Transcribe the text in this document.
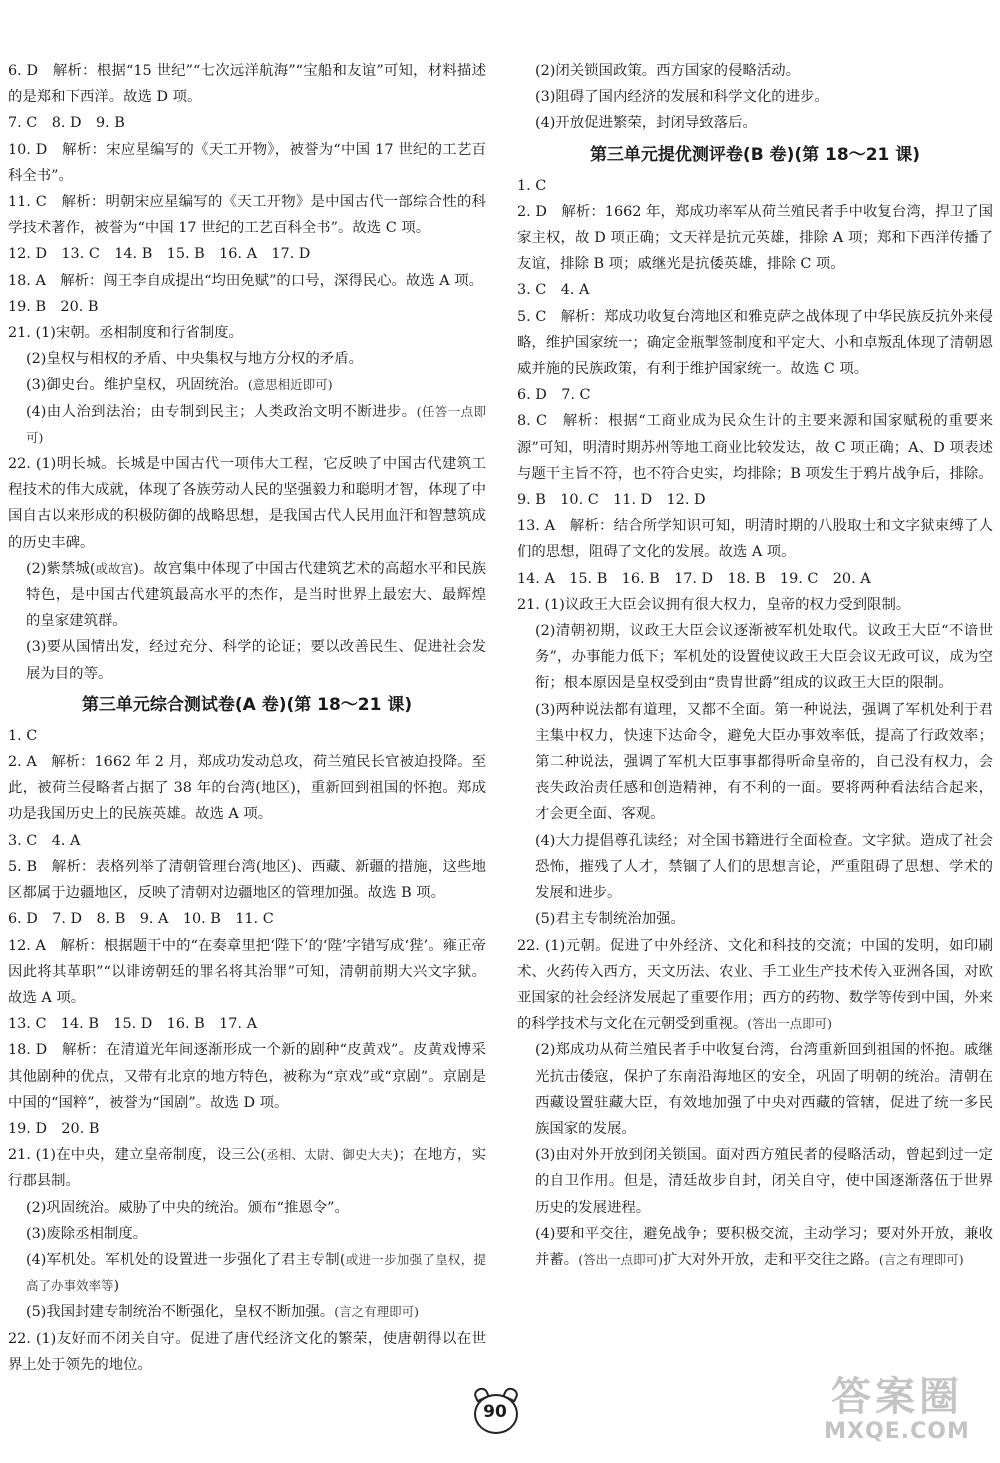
6. D　解析：根据“15 世纪”“七次远洋航海”“宝船和友谊”可知，材料描述的是郑和下西洋。故选 D 项。

7. C　8. D　9. B

10. D　解析：宋应星编写的《天工开物》，被誉为“中国 17 世纪的工艺百科全书”。

11. C　解析：明朝宋应星编写的《天工开物》是中国古代一部综合性的科学技术著作，被誉为“中国 17 世纪的工艺百科全书”。故选 C 项。

12. D　13. C　14. B　15. B　16. A　17. D

18. A　解析：闯王李自成提出“均田免赋”的口号，深得民心。故选 A 项。

19. B　20. B

21. (1)宋朝。丞相制度和行省制度。

(2)皇权与相权的矛盾、中央集权与地方分权的矛盾。

(3)御史台。维护皇权，巩固统治。(意思相近即可)

(4)由人治到法治；由专制到民主；人类政治文明不断进步。(任答一点即可)

22. (1)明长城。长城是中国古代一项伟大工程，它反映了中国古代建筑工程技术的伟大成就，体现了各族劳动人民的坚强毅力和聪明才智，体现了中国自古以来形成的积极防御的战略思想，是我国古代人民用血汗和智慧筑成的历史丰碑。

(2)紫禁城(或故宫)。故宫集中体现了中国古代建筑艺术的高超水平和民族特色，是中国古代建筑最高水平的杰作，是当时世界上最宏大、最辉煌的皇家建筑群。

(3)要从国情出发，经过充分、科学的论证；要以改善民生、促进社会发展为目的等。

第三单元综合测试卷(A 卷)(第 18～21 课)

1. C

2. A　解析：1662 年 2 月，郑成功发动总攻，荷兰殖民长官被迫投降。至此，被荷兰侵略者占据了 38 年的台湾(地区)，重新回到祖国的怀抱。郑成功是我国历史上的民族英雄。故选 A 项。

3. C　4. A

5. B　解析：表格列举了清朝管理台湾(地区)、西藏、新疆的措施，这些地区都属于边疆地区，反映了清朝对边疆地区的管理加强。故选 B 项。

6. D　7. D　8. B　9. A　10. B　11. C

12. A　解析：根据题干中的“在奏章里把‘陛下’的‘陛’字错写成‘狴’。雍正帝因此将其革职”“以诽谤朝廷的罪名将其治罪”可知，清朝前期大兴文字狱。故选 A 项。

13. C　14. B　15. D　16. B　17. A

18. D　解析：在清道光年间逐渐形成一个新的剧种“皮黄戏”。皮黄戏博采其他剧种的优点，又带有北京的地方特色，被称为“京戏”或“京剧”。京剧是中国的“国粹”，被誉为“国剧”。故选 D 项。

19. D　20. B

21. (1)在中央，建立皇帝制度，设三公(丞相、太尉、御史大夫)；在地方，实行郡县制。

(2)巩固统治。威胁了中央的统治。颁布“推恩令”。

(3)废除丞相制度。

(4)军机处。军机处的设置进一步强化了君主专制(或进一步加强了皇权，提高了办事效率等)

(5)我国封建专制统治不断强化，皇权不断加强。(言之有理即可)

22. (1)友好而不闭关自守。促进了唐代经济文化的繁荣，使唐朝得以在世界上处于领先的地位。

(2)闭关锁国政策。西方国家的侵略活动。

(3)阻碍了国内经济的发展和科学文化的进步。

(4)开放促进繁荣，封闭导致落后。

第三单元提优测评卷(B 卷)(第 18～21 课)

1. C

2. D　解析：1662 年，郑成功率军从荷兰殖民者手中收复台湾，捍卫了国家主权，故 D 项正确；文天祥是抗元英雄，排除 A 项；郑和下西洋传播了友谊，排除 B 项；戚继光是抗倭英雄，排除 C 项。

3. C　4. A

5. C　解析：郑成功收复台湾地区和雅克萨之战体现了中华民族反抗外来侵略，维护国家统一；确定金瓶掣签制度和平定大、小和卓叛乱体现了清朝恩威并施的民族政策，有利于维护国家统一。故选 C 项。

6. D　7. C

8. C　解析：根据“工商业成为民众生计的主要来源和国家赋税的重要来源”可知，明清时期苏州等地工商业比较发达，故 C 项正确；A、D 项表述与题干主旨不符，也不符合史实，均排除；B 项发生于鸦片战争后，排除。

9. B　10. C　11. D　12. D

13. A　解析：结合所学知识可知，明清时期的八股取士和文字狱束缚了人们的思想，阻碍了文化的发展。故选 A 项。

14. A　15. B　16. B　17. D　18. B　19. C　20. A

21. (1)议政王大臣会议拥有很大权力，皇帝的权力受到限制。

(2)清朝初期，议政王大臣会议逐渐被军机处取代。议政王大臣“不谙世务”，办事能力低下；军机处的设置使议政王大臣会议无政可议，成为空衔；根本原因是皇权受到由“贵胄世爵”组成的议政王大臣的限制。

(3)两种说法都有道理，又都不全面。第一种说法，强调了军机处利于君主集中权力，快速下达命令，避免大臣办事效率低，提高了行政效率；第二种说法，强调了军机大臣事事都得听命皇帝的，自己没有权力，会丧失政治责任感和创造精神，有不利的一面。要将两种看法结合起来，才会更全面、客观。

(4)大力提倡尊孔读经；对全国书籍进行全面检查。文字狱。造成了社会恐怖，摧残了人才，禁锢了人们的思想言论，严重阻碍了思想、学术的发展和进步。

(5)君主专制统治加强。

22. (1)元朝。促进了中外经济、文化和科技的交流；中国的发明，如印刷术、火药传入西方，天文历法、农业、手工业生产技术传入亚洲各国，对欧亚国家的社会经济发展起了重要作用；西方的药物、数学等传到中国，外来的科学技术与文化在元朝受到重视。(答出一点即可)

(2)郑成功从荷兰殖民者手中收复台湾，台湾重新回到祖国的怀抱。戚继光抗击倭寇，保护了东南沿海地区的安全，巩固了明朝的统治。清朝在西藏设置驻藏大臣，有效地加强了中央对西藏的管辖，促进了统一多民族国家的发展。

(3)由对外开放到闭关锁国。面对西方殖民者的侵略活动，曾起到过一定的自卫作用。但是，清廷故步自封，闭关自守，使中国逐渐落伍于世界历史的发展进程。

(4)要和平交往，避免战争；要积极交流，主动学习；要对外开放，兼收并蓄。(答出一点即可)扩大对外开放，走和平交往之路。(言之有理即可)

90	答案圈
MXQE.COM
